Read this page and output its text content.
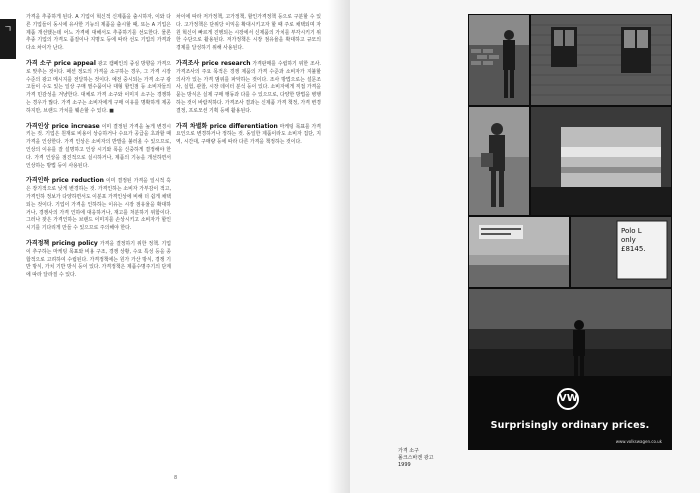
ㄱ

가격을 추종하게 된다. A 기업이 혁신적 신제품을 출시하자, 이와 다른 기업들이 동시에 유사한 기능의 제품을 출시할 때, 또는 A 기업은 제품 개선했는데 어느 가격에 대해서도 추종하기를 선도한다. 물론 추종 기업의 가격도 품질이나 지명도 등에 따라 선도 기업의 가격과 다소 차이가 난다.

가격 소구 price appeal 광고 캠페인의 중심 방향을 가격으로 맞추는 것이다. 패션 정도의 가격을 소구하는 경우, 그 가격 시장 수준의 광고 메시지를 전달하는 것이다. 예전 중시되는 가격 소구 광고들이 수도 있는 일상 구매 필수품이나 대형 할인점 등 소비자들의 가격 민감성을 겨냥한다. 대체로 가격 소구와 이미지 소구는 경쟁하는 경우가 많다. 가격 소구는 소비자에게 구매 이유를 명확하게 제공하지만, 브랜드 가치를 훼손할 수 있다. ■

가격인상 price increase 이미 결정된 가격을 높게 변경시키는 것. 기업은 원재료 비용이 상승하거나 수요가 공급을 초과할 때 가격을 인상한다. 가격 인상은 소비자의 반발을 불러올 수 있으므로, 인상의 이유를 잘 설명하고 인상 시기와 폭을 신중하게 결정해야 한다. 가격 인상을 점진적으로 실시하거나, 제품의 기능을 개선하면서 인상하는 방법 등이 사용된다.

가격인하 price reduction 이미 결정된 가격을 일시적 혹은 장기적으로 낮게 변경하는 것. 가격인하는 소비자 가부감이 적고, 가격인하 정보가 다양하면서도 이분포 가격인상에 비해 더 쉽게 채택되는 것이다. 기업이 가격을 인하하는 이유는 시장 점유율을 확대하거나, 경쟁사의 가격 인하에 대응하거나, 재고를 처분하기 위함이다. 그러나 잦은 가격인하는 브랜드 이미지를 손상시키고 소비자가 할인 시기를 기다리게 만들 수 있으므로 주의해야 한다.

가격정책 pricing policy 가격을 결정하기 위한 정책. 기업이 추구하는 마케팅 목표와 비용 구조, 경쟁 상황, 수요 특성 등을 종합적으로 고려하여 수립된다. 가격정책에는 원가 가산 방식, 경쟁 기반 방식, 가치 기반 방식 등이 있다. 가격정책은 제품수명주기의 단계에 따라 달라질 수 있다.

차이에 따라 저가정책, 고가정책, 할인가격정책 등으로 구분할 수 있다. 고가정책은 단위당 이익을 확대시키고자 할 때 주로 채택되며 자원 혁신이 빠르게 진행되는 시장에서 신제품의 가치를 부각시키기 위한 수단으로 활용된다. 저가정책은 시장 점유율을 확대하고 규모의 경제를 달성하기 위해 사용된다.

가격조사 price research 가격판매를 수립하기 위한 조사. 가격조사의 주요 목적은 경쟁 제품의 가격 수준과 소비자가 지불할 의사가 있는 가격 범위를 파악하는 것이다. 조사 방법으로는 설문조사, 실험, 관찰, 시장 데이터 분석 등이 있다. 소비자에게 직접 가격을 묻는 방식은 실제 구매 행동과 다를 수 있으므로, 다양한 방법을 병행하는 것이 바람직하다. 가격조사 결과는 신제품 가격 책정, 가격 변경 결정, 프로모션 기획 등에 활용된다.

가격 차별화 price differentiation 마케팅 목표를 가격요인으로 변경하거나 정하는 것. 동일한 제품이라도 소비자 집단, 지역, 시간대, 구매량 등에 따라 다른 가격을 책정하는 것이다.

8
Polo L
only
£8145.
VW
Surprisingly ordinary prices.
www.volkswagen.co.uk
가격 소구
폴크스바겐 광고
1999
